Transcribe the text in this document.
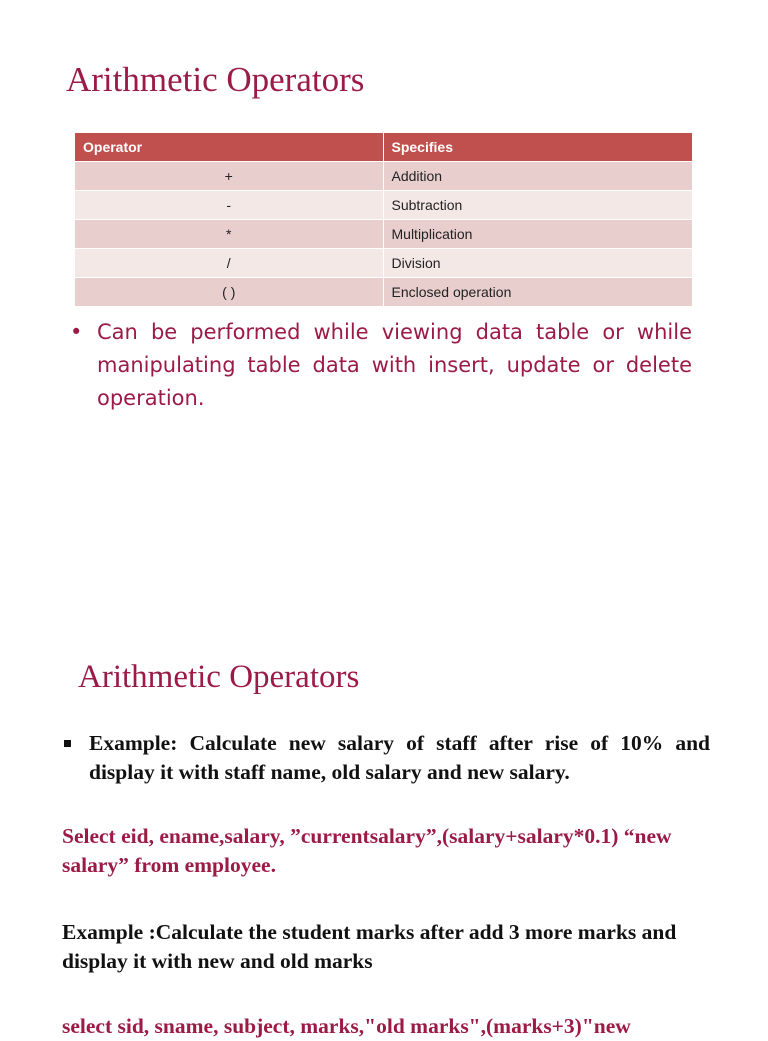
Arithmetic Operators
Operator	Specifies
+	Addition
-	Subtraction
*	Multiplication
/	Division
( )	Enclosed operation
• Can be performed while viewing data table or while manipulating table data with insert, update or delete operation.
Arithmetic Operators
Example: Calculate new salary of staff after rise of 10% and display it with staff name, old salary and new salary.
Select eid, ename,salary, ”currentsalary”,(salary+salary*0.1) “new salary” from employee.
Example :Calculate the student marks after add 3 more marks and display it with new and old marks
select sid, sname, subject, marks,"old marks",(marks+3)"new
